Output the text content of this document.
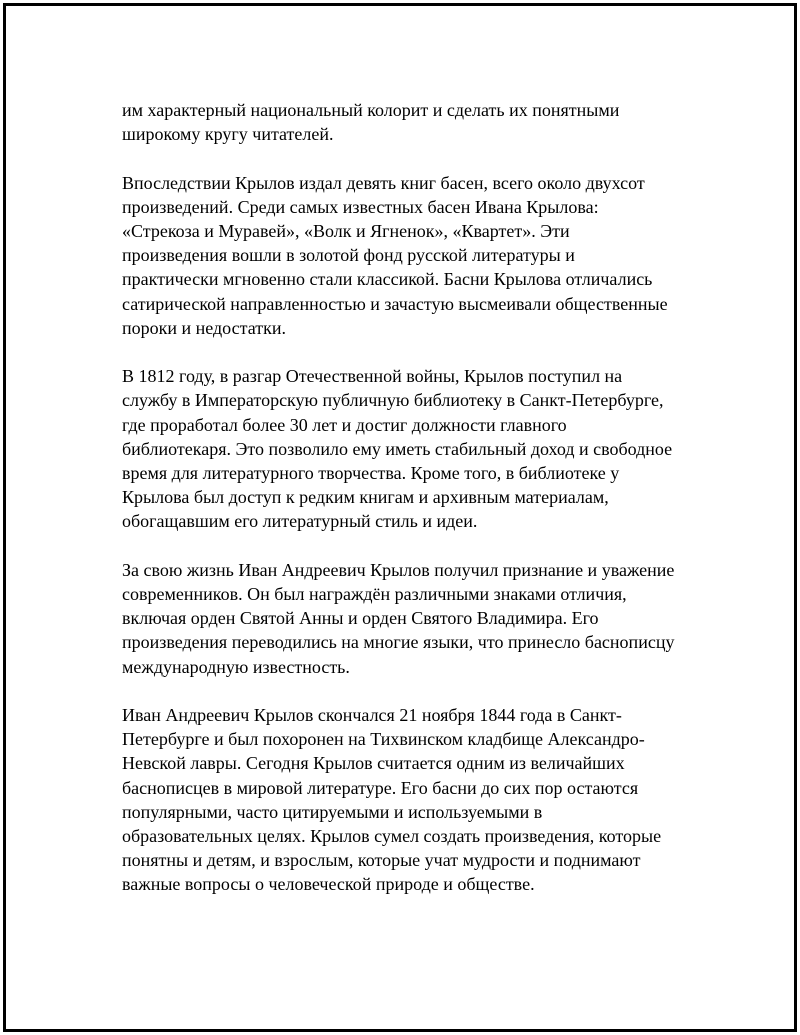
им характерный национальный колорит и сделать их понятными
широкому кругу читателей.

Впоследствии Крылов издал девять книг басен, всего около двухсот
произведений. Среди самых известных басен Ивана Крылова:
«Стрекоза и Муравей», «Волк и Ягненок», «Квартет». Эти
произведения вошли в золотой фонд русской литературы и
практически мгновенно стали классикой. Басни Крылова отличались
сатирической направленностью и зачастую высмеивали общественные
пороки и недостатки.

В 1812 году, в разгар Отечественной войны, Крылов поступил на
службу в Императорскую публичную библиотеку в Санкт-Петербурге,
где проработал более 30 лет и достиг должности главного
библиотекаря. Это позволило ему иметь стабильный доход и свободное
время для литературного творчества. Кроме того, в библиотеке у
Крылова был доступ к редким книгам и архивным материалам,
обогащавшим его литературный стиль и идеи.

За свою жизнь Иван Андреевич Крылов получил признание и уважение
современников. Он был награждён различными знаками отличия,
включая орден Святой Анны и орден Святого Владимира. Его
произведения переводились на многие языки, что принесло баснописцу
международную известность.

Иван Андреевич Крылов скончался 21 ноября 1844 года в Санкт-
Петербурге и был похоронен на Тихвинском кладбище Александро-
Невской лавры. Сегодня Крылов считается одним из величайших
баснописцев в мировой литературе. Его басни до сих пор остаются
популярными, часто цитируемыми и используемыми в
образовательных целях. Крылов сумел создать произведения, которые
понятны и детям, и взрослым, которые учат мудрости и поднимают
важные вопросы о человеческой природе и обществе.
